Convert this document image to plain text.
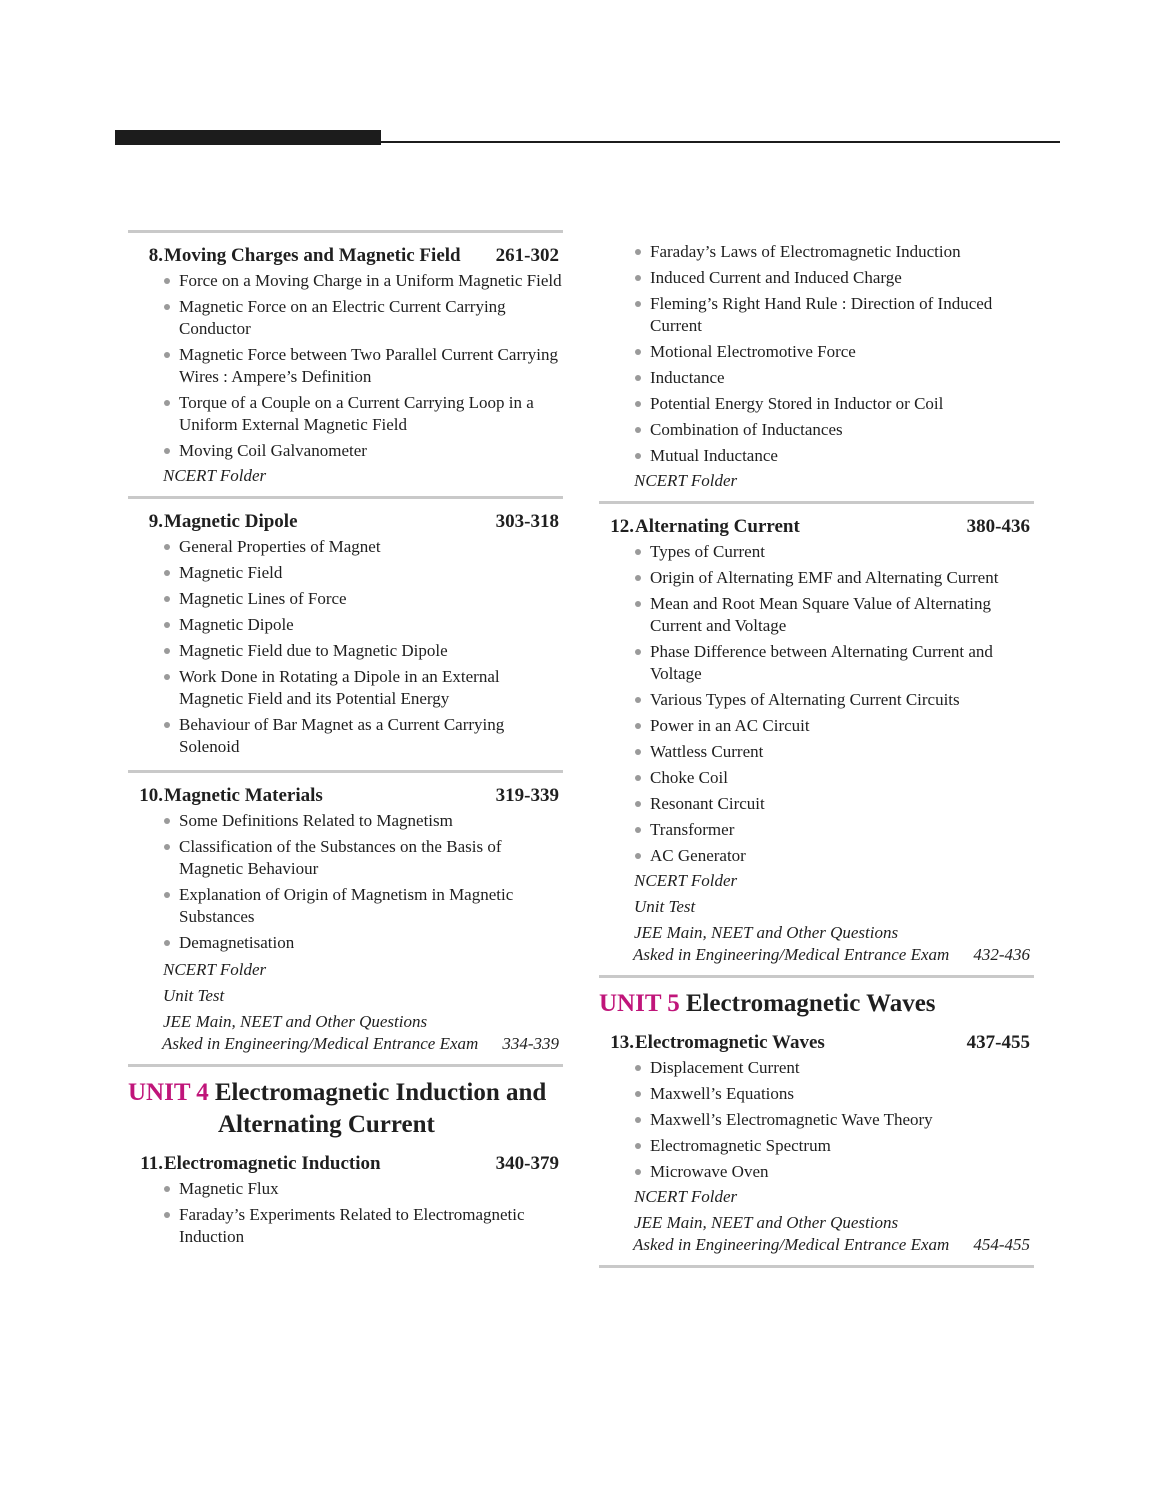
8. Moving Charges and Magnetic Field	261-302
Force on a Moving Charge in a Uniform Magnetic Field
Magnetic Force on an Electric Current Carrying Conductor
Magnetic Force between Two Parallel Current Carrying Wires : Ampere’s Definition
Torque of a Couple on a Current Carrying Loop in a Uniform External Magnetic Field
Moving Coil Galvanometer
NCERT Folder
9. Magnetic Dipole	303-318
General Properties of Magnet
Magnetic Field
Magnetic Lines of Force
Magnetic Dipole
Magnetic Field due to Magnetic Dipole
Work Done in Rotating a Dipole in an External Magnetic Field and its Potential Energy
Behaviour of Bar Magnet as a Current Carrying Solenoid
10. Magnetic Materials	319-339
Some Definitions Related to Magnetism
Classification of the Substances on the Basis of Magnetic Behaviour
Explanation of Origin of Magnetism in Magnetic Substances
Demagnetisation
NCERT Folder
Unit Test
JEE Main, NEET and Other Questions
Asked in Engineering/Medical Entrance Exam	334-339
UNIT 4 Electromagnetic Induction and
Alternating Current
11. Electromagnetic Induction	340-379
Magnetic Flux
Faraday’s Experiments Related to Electromagnetic Induction
Faraday’s Laws of Electromagnetic Induction
Induced Current and Induced Charge
Fleming’s Right Hand Rule : Direction of Induced Current
Motional Electromotive Force
Inductance
Potential Energy Stored in Inductor or Coil
Combination of Inductances
Mutual Inductance
NCERT Folder
12. Alternating Current	380-436
Types of Current
Origin of Alternating EMF and Alternating Current
Mean and Root Mean Square Value of Alternating Current and Voltage
Phase Difference between Alternating Current and Voltage
Various Types of Alternating Current Circuits
Power in an AC Circuit
Wattless Current
Choke Coil
Resonant Circuit
Transformer
AC Generator
NCERT Folder
Unit Test
JEE Main, NEET and Other Questions
Asked in Engineering/Medical Entrance Exam	432-436
UNIT 5 Electromagnetic Waves
13. Electromagnetic Waves	437-455
Displacement Current
Maxwell’s Equations
Maxwell’s Electromagnetic Wave Theory
Electromagnetic Spectrum
Microwave Oven
NCERT Folder
JEE Main, NEET and Other Questions
Asked in Engineering/Medical Entrance Exam	454-455
